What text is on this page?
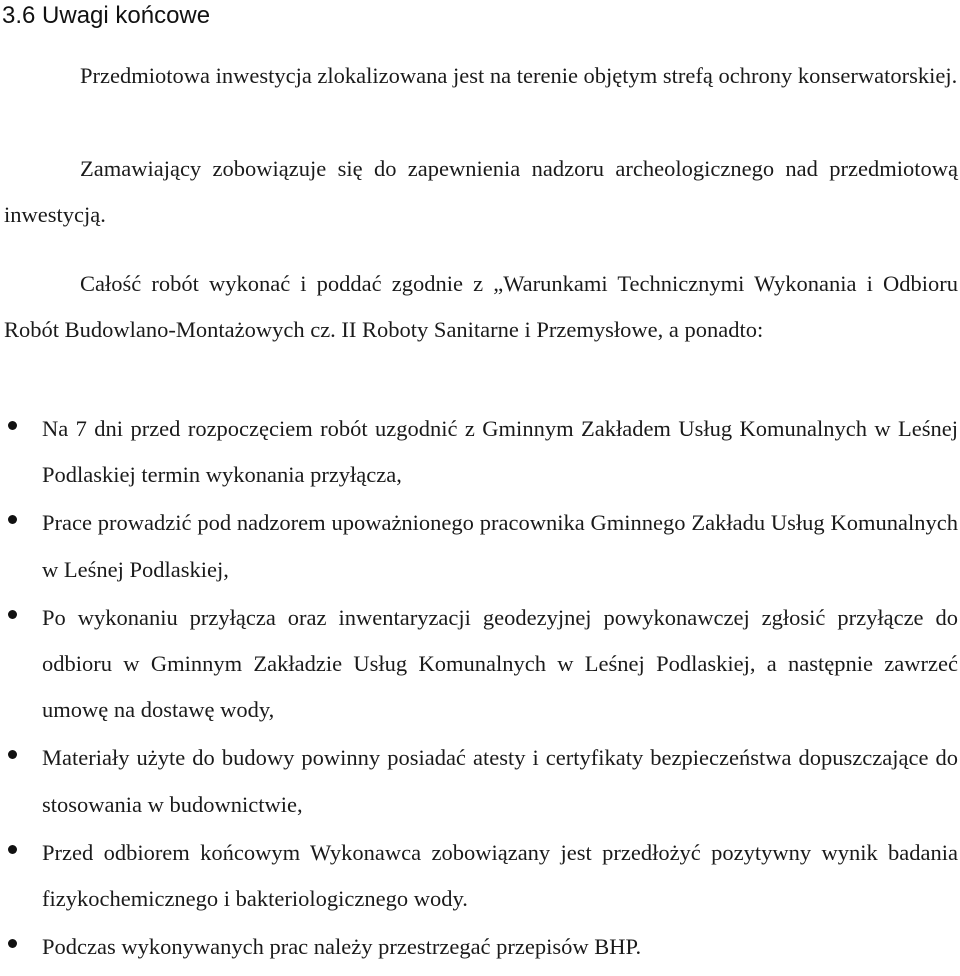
3.6 Uwagi końcowe

Przedmiotowa inwestycja zlokalizowana jest na terenie objętym strefą ochrony konserwatorskiej.

Zamawiający zobowiązuje się do zapewnienia nadzoru archeologicznego nad przedmiotową inwestycją.

Całość robót wykonać i poddać zgodnie z „Warunkami Technicznymi Wykonania i Odbioru Robót Budowlano-Montażowych cz. II Roboty Sanitarne i Przemysłowe, a ponadto:

Na 7 dni przed rozpoczęciem robót uzgodnić z Gminnym Zakładem Usług Komunalnych w Leśnej Podlaskiej termin wykonania przyłącza,
Prace prowadzić pod nadzorem upoważnionego pracownika Gminnego Zakładu Usług Komunalnych w Leśnej Podlaskiej,
Po wykonaniu przyłącza oraz inwentaryzacji geodezyjnej powykonawczej zgłosić przyłącze do odbioru w Gminnym Zakładzie Usług Komunalnych w Leśnej Podlaskiej, a następnie zawrzeć umowę na dostawę wody,
Materiały użyte do budowy powinny posiadać atesty i certyfikaty bezpieczeństwa dopuszczające do stosowania w budownictwie,
Przed odbiorem końcowym Wykonawca zobowiązany jest przedłożyć pozytywny wynik badania fizykochemicznego i bakteriologicznego wody.
Podczas wykonywanych prac należy przestrzegać przepisów BHP.
